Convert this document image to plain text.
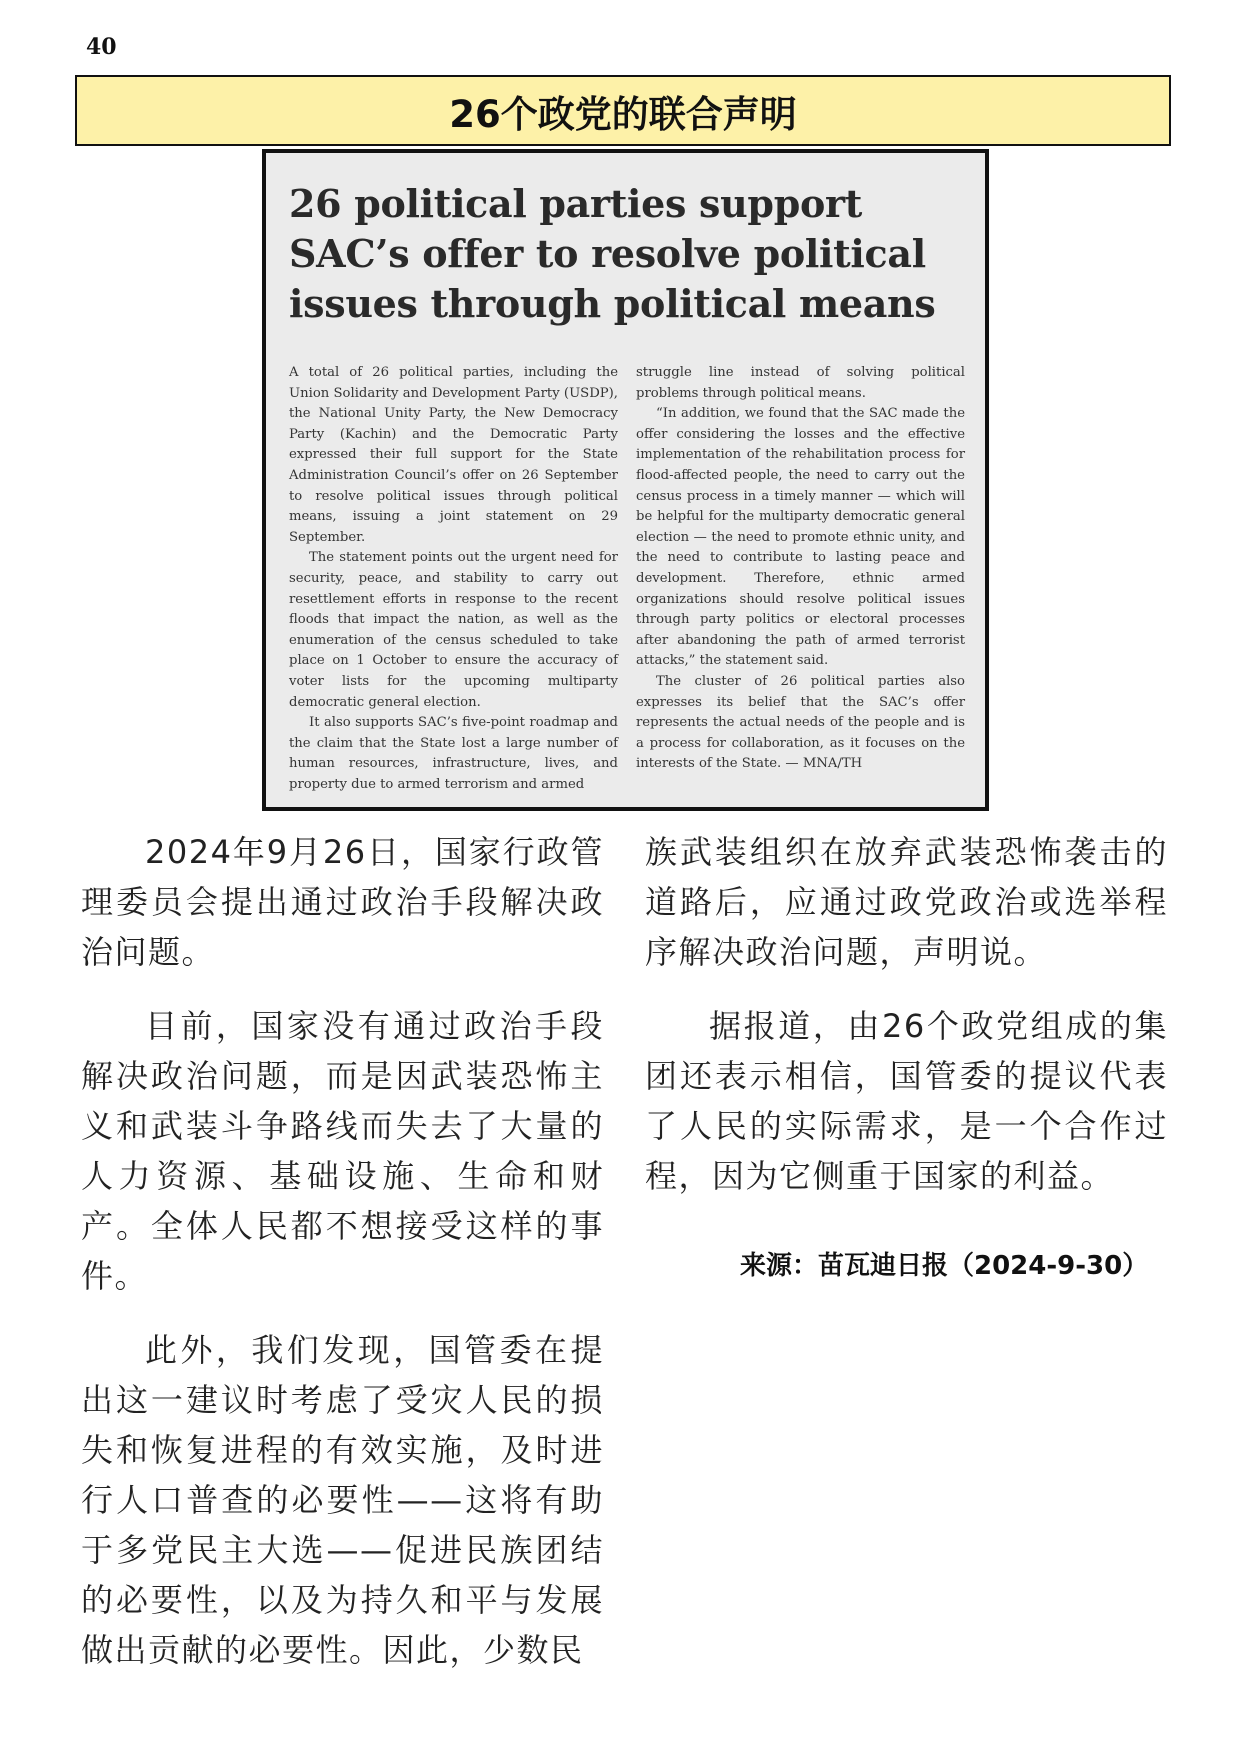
40
26个政党的联合声明
26 political parties support SAC’s offer to resolve political issues through political means

A total of 26 political parties, including the Union Solidarity and Development Party (USDP), the National Unity Party, the New Democracy Party (Kachin) and the Democratic Party expressed their full support for the State Administration Council’s offer on 26 September to resolve political issues through political means, issuing a joint statement on 29 September.

The statement points out the urgent need for security, peace, and stability to carry out resettlement efforts in response to the recent floods that impact the nation, as well as the enumeration of the census scheduled to take place on 1 October to ensure the accuracy of voter lists for the upcoming multiparty democratic general election.

It also supports SAC’s five-point roadmap and the claim that the State lost a large number of human resources, infrastructure, lives, and property due to armed terrorism and armed

struggle line instead of solving political problems through political means.

“In addition, we found that the SAC made the offer considering the losses and the effective implementation of the rehabilitation process for flood-affected people, the need to carry out the census process in a timely manner — which will be helpful for the multiparty democratic general election — the need to promote ethnic unity, and the need to contribute to lasting peace and development. Therefore, ethnic armed organizations should resolve political issues through party politics or electoral processes after abandoning the path of armed terrorist attacks,” the statement said.

The cluster of 26 political parties also expresses its belief that the SAC’s offer represents the actual needs of the people and is a process for collaboration, as it focuses on the interests of the State. — MNA/TH

2024年9月26日，国家行政管理委员会提出通过政治手段解决政治问题。

目前，国家没有通过政治手段解决政治问题，而是因武装恐怖主义和武装斗争路线而失去了大量的人力资源、基础设施、生命和财产。全体人民都不想接受这样的事件。

此外，我们发现，国管委在提出这一建议时考虑了受灾人民的损失和恢复进程的有效实施，及时进行人口普查的必要性——这将有助于多党民主大选——促进民族团结的必要性，以及为持久和平与发展做出贡献的必要性。因此，少数民

族武装组织在放弃武装恐怖袭击的道路后，应通过政党政治或选举程序解决政治问题，声明说。

据报道，由26个政党组成的集团还表示相信，国管委的提议代表了人民的实际需求，是一个合作过程，因为它侧重于国家的利益。

来源：苗瓦迪日报（2024-9-30）
